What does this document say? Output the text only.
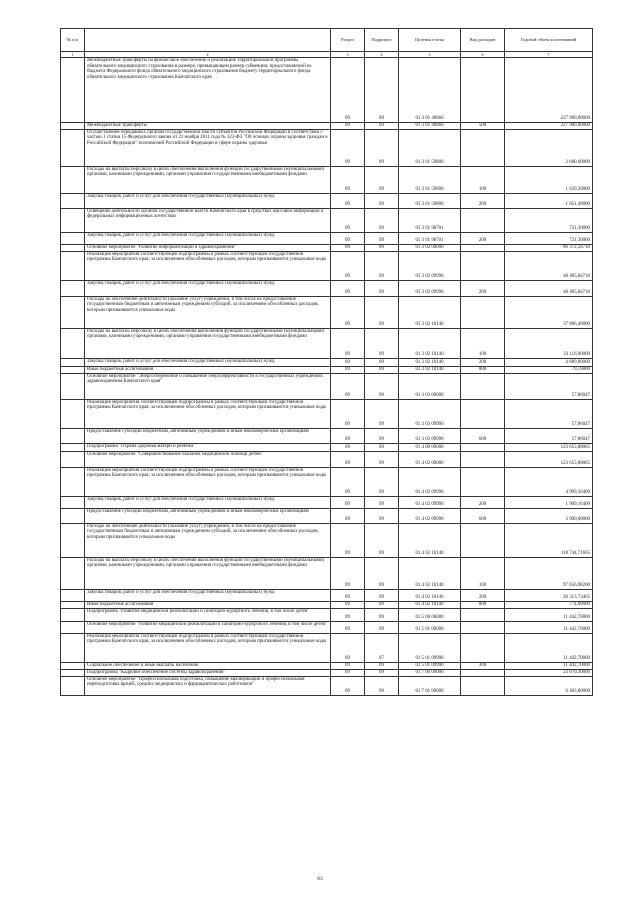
№ п/п		Раздел	Подраздел	Целевая статья	Вид расходов	Годовой объем ассигнований
1	2	3	4	5	6	7
	Межбюджетные трансферты на финансовое обеспечение и реализацию территориальной программы обязательного медицинского страхования в размере, превышающем размер субвенции, предоставляемой из бюджета Федерального фонда обязательного медицинского страхования бюджету территориального фонда обязательного медицинского страхования Камчатского края	09	09	01 3 01 40660		227 900,00000
	Межбюджетные трансферты	09	09	01 3 01 40660	500	227 900,00000
	Осуществление переданных органам государственной власти субъектов Российской Федерации в соответствии с частью 1 статьи 15 Федерального закона от 21 ноября 2011 года № 323-ФЗ "Об основах охраны здоровья граждан в Российской Федерации" полномочий Российской Федерации в сфере охраны здоровья	09	09	01 3 01 59800		2 680,60000
	Расходы на выплаты персоналу в целях обеспечения выполнения функций государственными (муниципальными) органами, казенными учреждениями, органами управления государственными внебюджетными фондами	09	09	01 3 01 59800	100	1 629,20000
	Закупка товаров, работ и услуг для обеспечения государственных (муниципальных) нужд	09	09	01 3 01 59800	200	1 051,40000
	Освещение деятельности органов государственной власти Камчатского края в средствах массовой информации и федеральных информационных агентствах	09	09	01 3 01 98701		721,30000
	Закупка товаров, работ и услуг для обеспечения государственных (муниципальных) нужд	09	09	01 3 01 98701	200	721,30000
	Основное мероприятие "Развитие информатизации в здравоохранении"	09	09	01 3 02 00000		86 372,24718
	Реализация мероприятий соответствующей подпрограммы в рамках соответствующей государственной программы Камчатского края, за исключением обособленных расходов, которым присваиваются уникальные коды	09	09	01 3 02 09990		48 485,84718
	Закупка товаров, работ и услуг для обеспечения государственных (муниципальных) нужд	09	09	01 3 02 09990	200	48 485,84718
	Расходы на обеспечение деятельности (оказание услуг) учреждений, в том числе на предоставление государственным бюджетным и автономным учреждениям субсидий, за исключением обособленных расходов, которым присваиваются уникальные коды	09	09	01 3 02 10140		37 886,40000
	Расходы на выплаты персоналу в целях обеспечения выполнения функций государственными (муниципальными) органами, казенными учреждениями, органами управления государственными внебюджетными фондами	09	09	01 3 02 10140	100	33 116,90000
	Закупка товаров, работ и услуг для обеспечения государственных (муниципальных) нужд	09	09	01 3 02 10140	200	4 689,80000
	Иные бюджетные ассигнования	09	09	01 3 02 10140	800	79,70000
	Основное мероприятие "Энергосбережение и повышение энергоэффективности в государственных учреждениях здравоохранения Камчатского края"	09	09	01 3 03 00000		57,86047
	Реализация мероприятий соответствующей подпрограммы в рамках соответствующей государственной программы Камчатского края, за исключением обособленных расходов, которым присваиваются уникальные коды	09	09	01 3 03 09990		57,86047
	Предоставление субсидий бюджетным, автономным учреждениям и иным некоммерческим организациям	09	09	01 3 03 09990	600	57,86047
	Подпрограмма "Охрана здоровья матери и ребенка"	09	09	01 4 00 00000		123 653,88065
	Основное мероприятие "Совершенствование оказания медицинской помощи детям"	09	09	01 4 02 00000		123 653,88065
	Реализация мероприятий соответствующей подпрограммы в рамках соответствующей государственной программы Камчатского края, за исключением обособленных расходов, которым присваиваются уникальные коды	09	09	01 4 02 09990		4 909,16400
	Закупка товаров, работ и услуг для обеспечения государственных (муниципальных) нужд	09	09	01 4 02 09990	200	1 909,16400
	Предоставление субсидий бюджетным, автономным учреждениям и иным некоммерческим организациям	09	09	01 4 02 09990	600	3 000,00000
	Расходы на обеспечение деятельности (оказание услуг) учреждений, в том числе на предоставление государственным бюджетным и автономным учреждениям субсидий, за исключением обособленных расходов, которым присваиваются уникальные коды	09	09	01 4 02 10140		118 744,71665
	Расходы на выплаты персоналу в целях обеспечения выполнения функций государственными (муниципальными) органами, казенными учреждениями, органами управления государственными внебюджетными фондами	09	09	01 4 02 10140	100	97 656,98200
	Закупка товаров, работ и услуг для обеспечения государственных (муниципальных) нужд	09	09	01 4 02 10140	200	20 313,73465
	Иные бюджетные ассигнования	09	09	01 4 02 10140	800	774,00000
	Подпрограмма "Развитие медицинской реабилитации и санаторно-курортного лечения, в том числе детей"	09	09	01 5 00 00000		11 442,70000
	Основное мероприятие "Развитие медицинской реабилитации и санаторно-курортного лечения, в том числе детей"	09	09	01 5 01 00000		11 442,70000
	Реализация мероприятий соответствующей подпрограммы в рамках соответствующей государственной программы Камчатского края, за исключением обособленных расходов, которым присваиваются уникальные коды	09	07	01 5 01 09990		11 442,70000
	Социальное обеспечение и иные выплаты населению	09	09	01 5 01 09990	300	11 442,70000
	Подпрограмма "Кадровое обеспечение системы здравоохранения"	09	09	01 7 00 00000		23 070,30000
	Основное мероприятие "Профессиональная подготовка, повышение квалификации и профессиональная переподготовка врачей, средних медицинских и фармацевтических работников"	09	09	01 7 01 00000		6 403,80000
63
